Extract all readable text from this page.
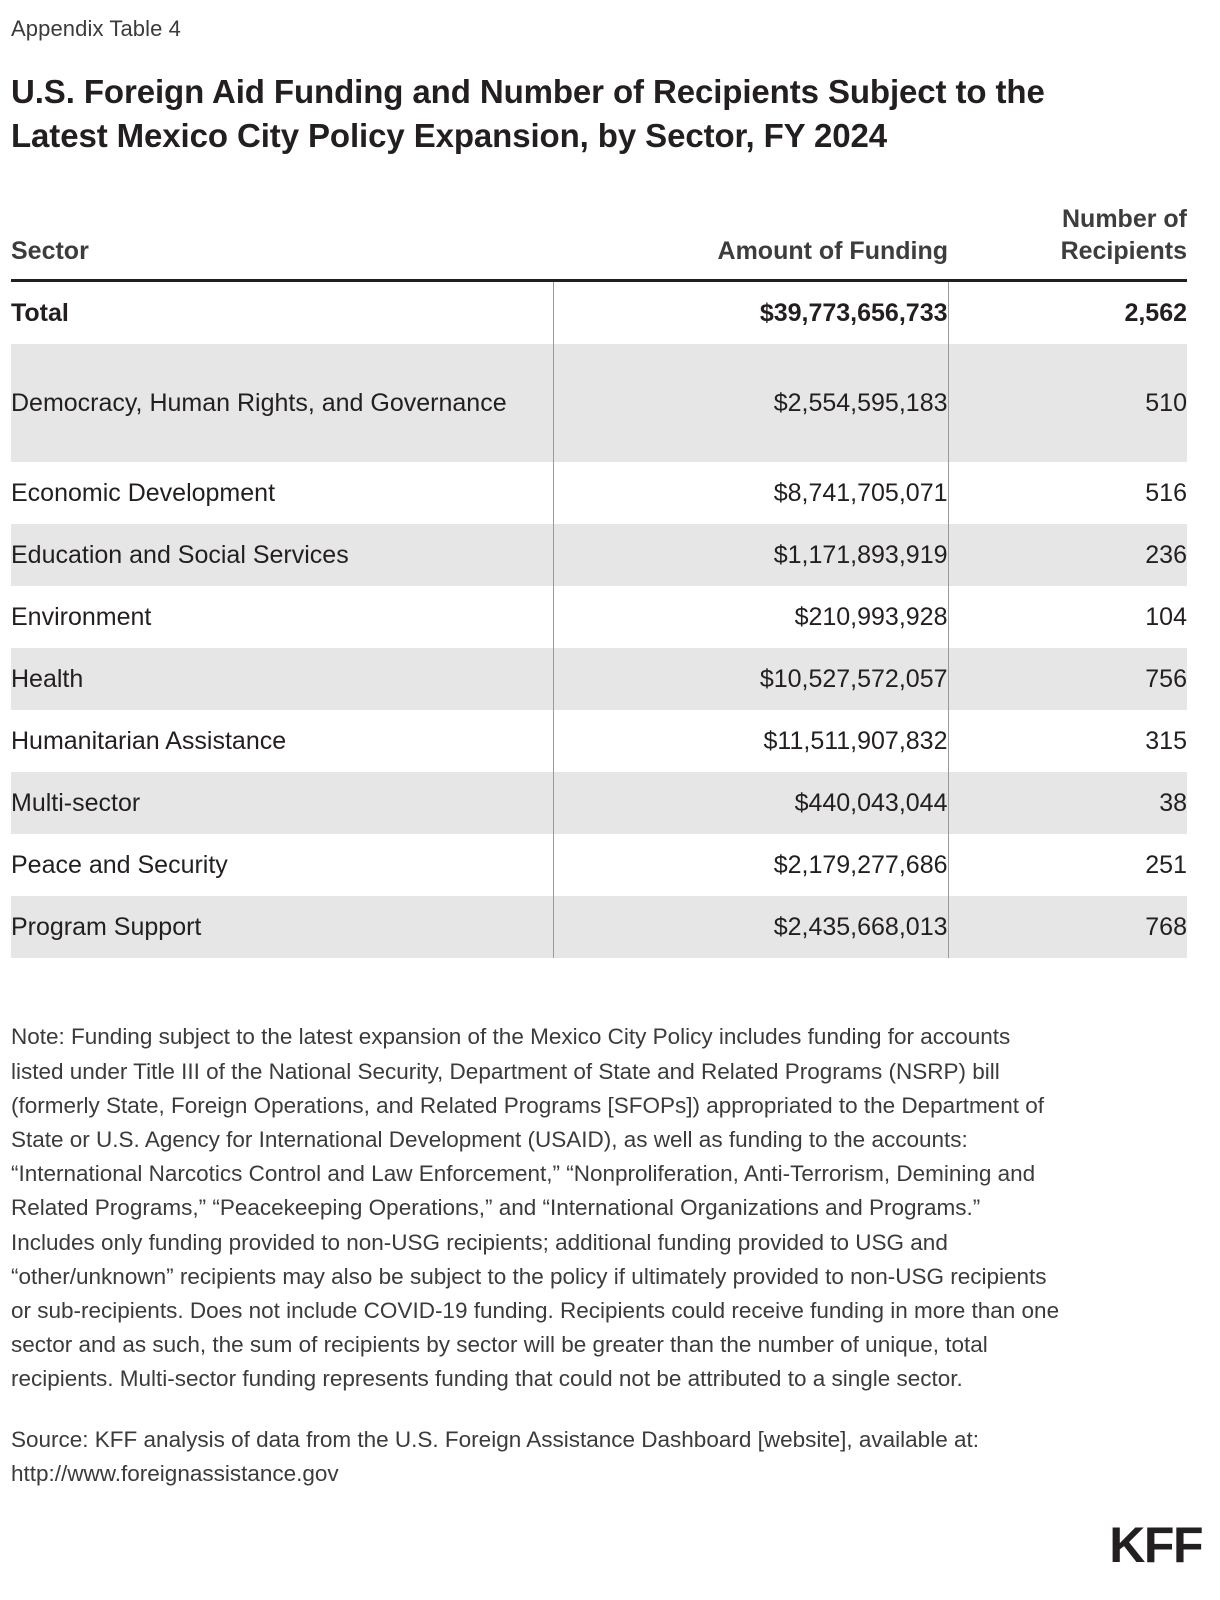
Appendix Table 4
U.S. Foreign Aid Funding and Number of Recipients Subject to the Latest Mexico City Policy Expansion, by Sector, FY 2024
Sector	Amount of Funding	Number of
Recipients
Total	$39,773,656,733	2,562
Democracy, Human Rights, and Governance	$2,554,595,183	510
Economic Development	$8,741,705,071	516
Education and Social Services	$1,171,893,919	236
Environment	$210,993,928	104
Health	$10,527,572,057	756
Humanitarian Assistance	$11,511,907,832	315
Multi-sector	$440,043,044	38
Peace and Security	$2,179,277,686	251
Program Support	$2,435,668,013	768
Note: Funding subject to the latest expansion of the Mexico City Policy includes funding for accounts listed under Title III of the National Security, Department of State and Related Programs (NSRP) bill (formerly State, Foreign Operations, and Related Programs [SFOPs]) appropriated to the Department of State or U.S. Agency for International Development (USAID), as well as funding to the accounts: “International Narcotics Control and Law Enforcement,” “Nonproliferation, Anti-Terrorism, Demining and Related Programs,” “Peacekeeping Operations,” and “International Organizations and Programs.” Includes only funding provided to non-USG recipients; additional funding provided to USG and “other/unknown” recipients may also be subject to the policy if ultimately provided to non-USG recipients or sub-recipients. Does not include COVID-19 funding. Recipients could receive funding in more than one sector and as such, the sum of recipients by sector will be greater than the number of unique, total recipients. Multi-sector funding represents funding that could not be attributed to a single sector.
Source: KFF analysis of data from the U.S. Foreign Assistance Dashboard [website], available at: http://www.foreignassistance.gov
KFF
